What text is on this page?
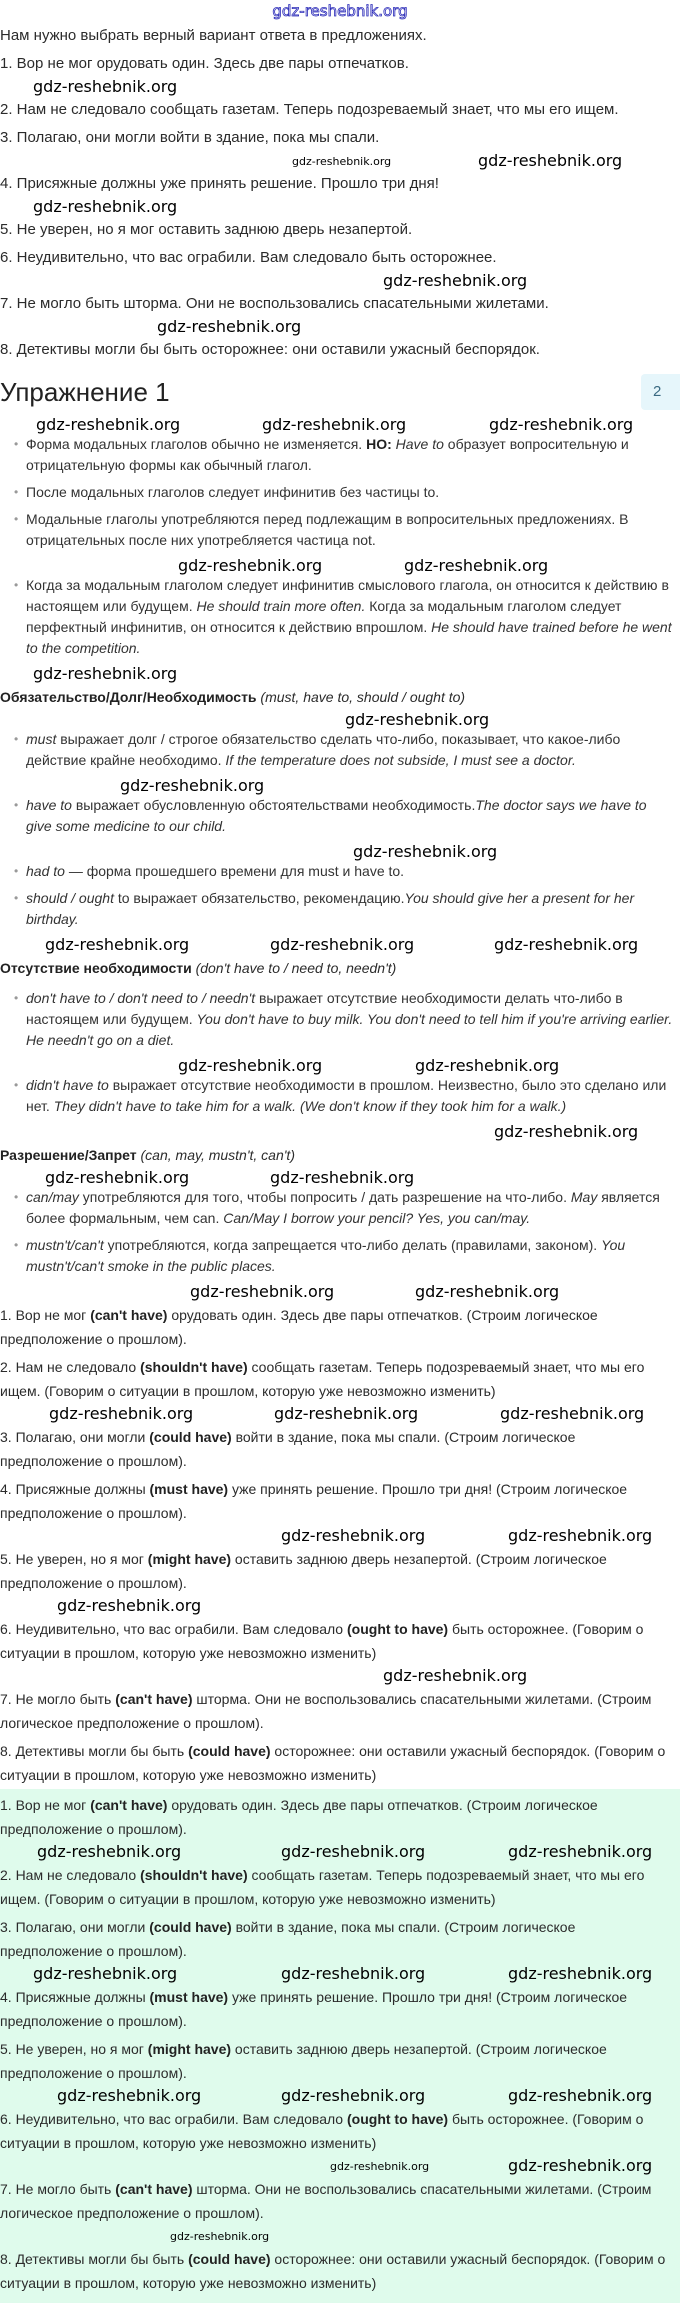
gdz-reshebnik.org
Нам нужно выбрать верный вариант ответа в предложениях.
1. Вор не мог орудовать один. Здесь две пары отпечатков.
gdz-reshebnik.org
2. Нам не следовало сообщать газетам. Теперь подозреваемый знает, что мы его ищем.
3. Полагаю, они могли войти в здание, пока мы спали.
gdz-reshebnik.org	gdz-reshebnik.org
4. Присяжные должны уже принять решение. Прошло три дня!
gdz-reshebnik.org
5. Не уверен, но я мог оставить заднюю дверь незапертой.
6. Неудивительно, что вас ограбили. Вам следовало быть осторожнее.
gdz-reshebnik.org
7. Не могло быть шторма. Они не воспользовались спасательными жилетами.
gdz-reshebnik.org
8. Детективы могли бы быть осторожнее: они оставили ужасный беспорядок.
Упражнение 1	2
gdz-reshebnik.org	gdz-reshebnik.org	gdz-reshebnik.org
• Форма модальных глаголов обычно не изменяется. НО: Have to образует вопросительную и отрицательную формы как обычный глагол.
• После модальных глаголов следует инфинитив без частицы to.
• Модальные глаголы употребляются перед подлежащим в вопросительных предложениях. В отрицательных после них употребляется частица not.
gdz-reshebnik.org	gdz-reshebnik.org
• Когда за модальным глаголом следует инфинитив смыслового глагола, он относится к действию в настоящем или будущем. He should train more often. Когда за модальным глаголом следует перфектный инфинитив, он относится к действию впрошлом. He should have trained before he went to the competition.
gdz-reshebnik.org
Обязательство/Долг/Необходимость (must, have to, should / ought to)
gdz-reshebnik.org
• must выражает долг / строгое обязательство сделать что-либо, показывает, что какое-либо действие крайне необходимо. If the temperature does not subside, I must see a doctor.
gdz-reshebnik.org
• have to выражает обусловленную обстоятельствами необходимость.The doctor says we have to give some medicine to our child.
gdz-reshebnik.org
• had to — форма прошедшего времени для must и have to.
• should / ought to выражает обязательство, рекомендацию.You should give her a present for her birthday.
gdz-reshebnik.org	gdz-reshebnik.org	gdz-reshebnik.org
Отсутствие необходимости (don't have to / need to, needn't)
• don't have to / don't need to / needn't выражает отсутствие необходимости делать что-либо в настоящем или будущем. You don't have to buy milk. You don't need to tell him if you're arriving earlier. He needn't go on a diet.
gdz-reshebnik.org	gdz-reshebnik.org
• didn't have to выражает отсутствие необходимости в прошлом. Неизвестно, было это сделано или нет. They didn't have to take him for a walk. (We don't know if they took him for a walk.)
gdz-reshebnik.org
Разрешение/Запрет (can, may, mustn't, can't)
gdz-reshebnik.org	gdz-reshebnik.org
• can/may употребляются для того, чтобы попросить / дать разрешение на что-либо. May является более формальным, чем can. Can/May I borrow your pencil? Yes, you can/may.
• mustn't/can't употребляются, когда запрещается что-либо делать (правилами, законом). You mustn't/can't smoke in the public places.
gdz-reshebnik.org	gdz-reshebnik.org
1. Вор не мог (can't have) орудовать один. Здесь две пары отпечатков. (Строим логическое предположение о прошлом).
2. Нам не следовало (shouldn't have) сообщать газетам. Теперь подозреваемый знает, что мы его ищем. (Говорим о ситуации в прошлом, которую уже невозможно изменить)
gdz-reshebnik.org	gdz-reshebnik.org	gdz-reshebnik.org
3. Полагаю, они могли (could have) войти в здание, пока мы спали. (Строим логическое предположение о прошлом).
4. Присяжные должны (must have) уже принять решение. Прошло три дня! (Строим логическое предположение о прошлом).
gdz-reshebnik.org	gdz-reshebnik.org
5. Не уверен, но я мог (might have) оставить заднюю дверь незапертой. (Строим логическое предположение о прошлом).
gdz-reshebnik.org
6. Неудивительно, что вас ограбили. Вам следовало (ought to have) быть осторожнее. (Говорим о ситуации в прошлом, которую уже невозможно изменить)
gdz-reshebnik.org
7. Не могло быть (can't have) шторма. Они не воспользовались спасательными жилетами. (Строим логическое предположение о прошлом).
8. Детективы могли бы быть (could have) осторожнее: они оставили ужасный беспорядок. (Говорим о ситуации в прошлом, которую уже невозможно изменить)
1. Вор не мог (can't have) орудовать один. Здесь две пары отпечатков. (Строим логическое предположение о прошлом).
gdz-reshebnik.org	gdz-reshebnik.org	gdz-reshebnik.org
2. Нам не следовало (shouldn't have) сообщать газетам. Теперь подозреваемый знает, что мы его ищем. (Говорим о ситуации в прошлом, которую уже невозможно изменить)
3. Полагаю, они могли (could have) войти в здание, пока мы спали. (Строим логическое предположение о прошлом).
gdz-reshebnik.org	gdz-reshebnik.org	gdz-reshebnik.org
4. Присяжные должны (must have) уже принять решение. Прошло три дня! (Строим логическое предположение о прошлом).
5. Не уверен, но я мог (might have) оставить заднюю дверь незапертой. (Строим логическое предположение о прошлом).
gdz-reshebnik.org	gdz-reshebnik.org	gdz-reshebnik.org
6. Неудивительно, что вас ограбили. Вам следовало (ought to have) быть осторожнее. (Говорим о ситуации в прошлом, которую уже невозможно изменить)
gdz-reshebnik.org	gdz-reshebnik.org
7. Не могло быть (can't have) шторма. Они не воспользовались спасательными жилетами. (Строим логическое предположение о прошлом).
gdz-reshebnik.org
8. Детективы могли бы быть (could have) осторожнее: они оставили ужасный беспорядок. (Говорим о ситуации в прошлом, которую уже невозможно изменить)
